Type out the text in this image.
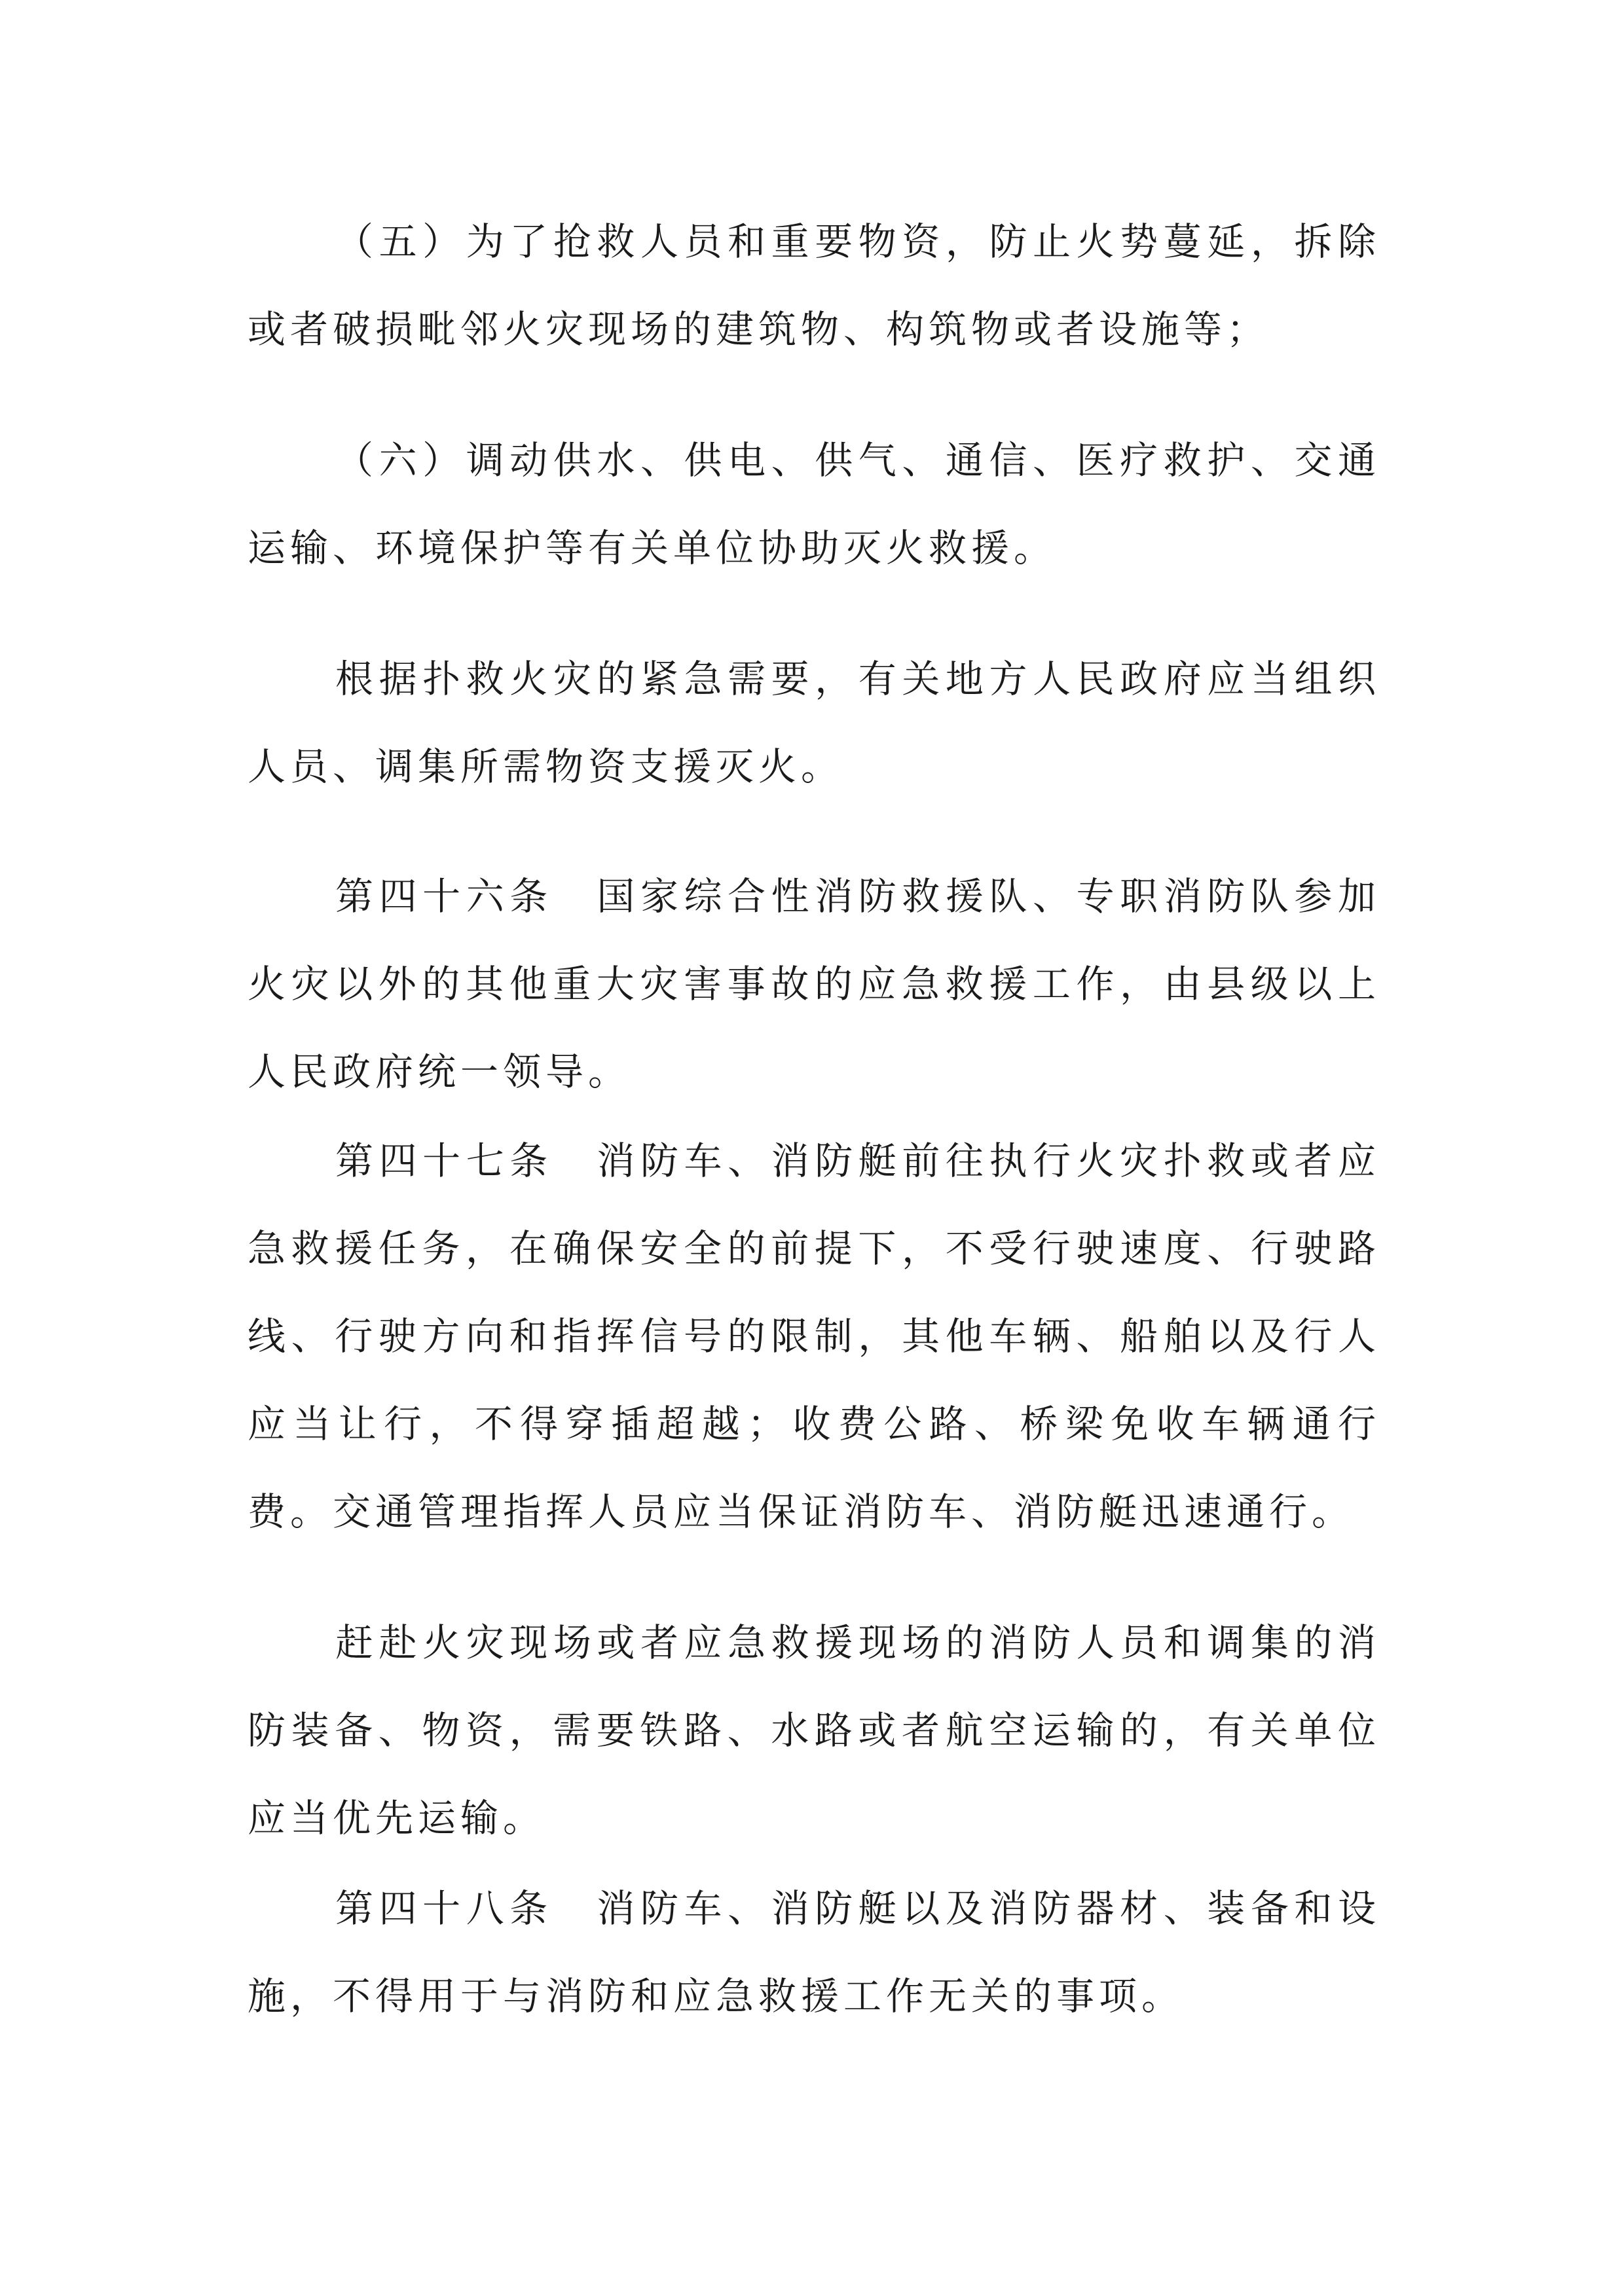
（五）为了抢救人员和重要物资，防止火势蔓延，拆除或者破损毗邻火灾现场的建筑物、构筑物或者设施等；

（六）调动供水、供电、供气、通信、医疗救护、交通运输、环境保护等有关单位协助灭火救援。

根据扑救火灾的紧急需要，有关地方人民政府应当组织人员、调集所需物资支援灭火。

第四十六条　国家综合性消防救援队、专职消防队参加火灾以外的其他重大灾害事故的应急救援工作，由县级以上人民政府统一领导。

第四十七条　消防车、消防艇前往执行火灾扑救或者应急救援任务，在确保安全的前提下，不受行驶速度、行驶路线、行驶方向和指挥信号的限制，其他车辆、船舶以及行人应当让行，不得穿插超越；收费公路、桥梁免收车辆通行费。交通管理指挥人员应当保证消防车、消防艇迅速通行。

赶赴火灾现场或者应急救援现场的消防人员和调集的消防装备、物资，需要铁路、水路或者航空运输的，有关单位应当优先运输。

第四十八条　消防车、消防艇以及消防器材、装备和设施，不得用于与消防和应急救援工作无关的事项。
